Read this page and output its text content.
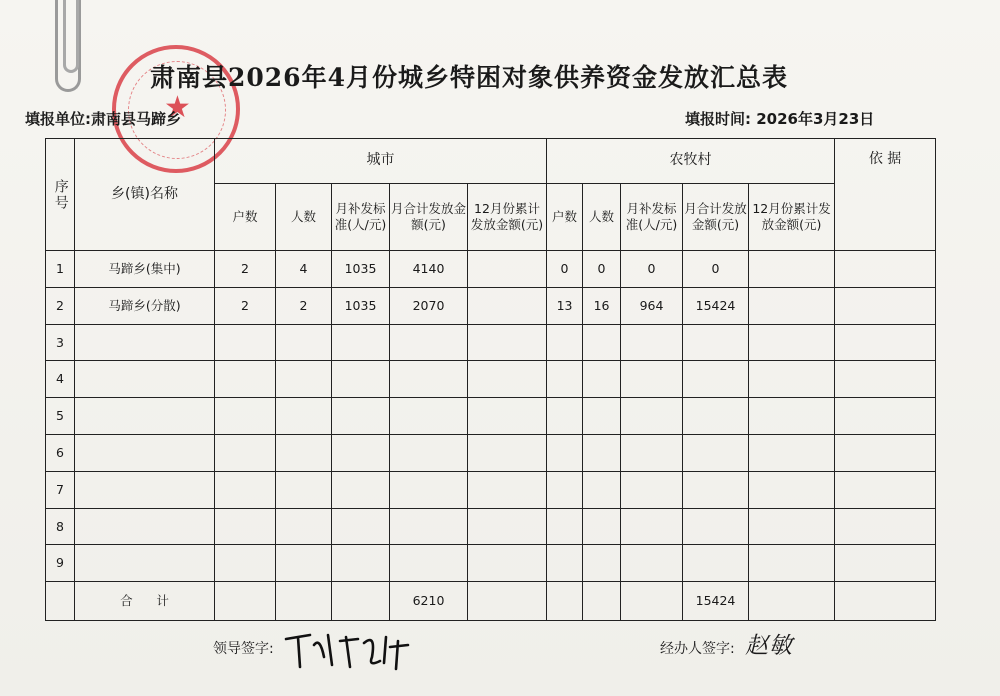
★
肃南县2026年4月份城乡特困对象供养资金发放汇总表
填报单位:肃南县马蹄乡	填报时间: 2026年3月23日
序号	乡(镇)名称	城市					农牧村					依 据
		户数	人数	月补发标准(人/元)	月合计发放金额(元)	12月份累计发放金额(元)	户数	人数	月补发标准(人/元)	月合计发放金额(元)	12月份累计发放金额(元)	
1	马蹄乡(集中)	2	4	1035	4140		0	0	0	0		
2	马蹄乡(分散)	2	2	1035	2070		13	16	964	15424		
3												
4												
5												
6												
7												
8												
9												
	合      计				6210					15424		
领导签字:	经办人签字: 赵敏
